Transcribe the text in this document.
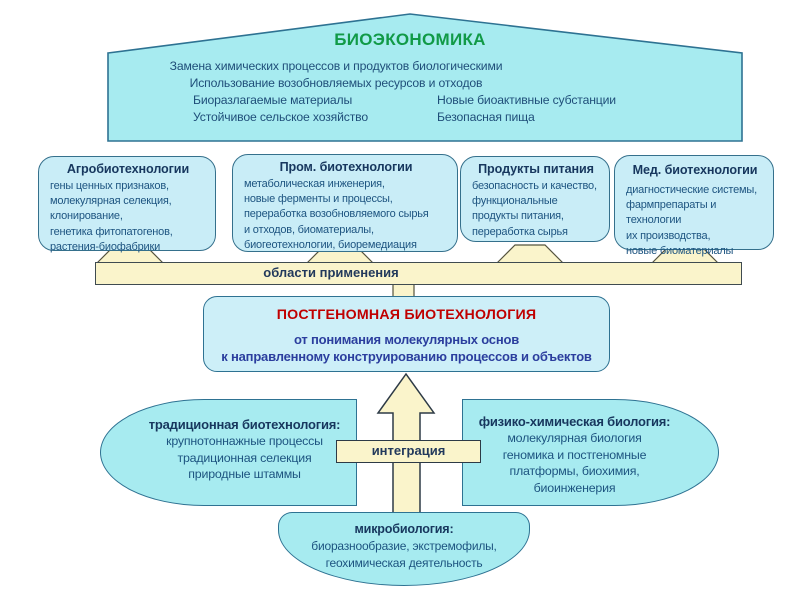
БИОЭКОНОМИКА
Замена химических процессов и продуктов биологическими
Использование возобновляемых ресурсов и отходов
Биоразлагаемые материалы
Устойчивое сельское хозяйство
Новые биоактивные субстанции
Безопасная пища
Агробиотехнологии
гены ценных признаков,
молекулярная селекция,
клонирование,
генетика фитопатогенов,
растения-биофабрики
Пром. биотехнологии
метаболическая инженерия,
новые ферменты и процессы,
переработка возобновляемого сырья
и отходов, биоматериалы,
биогеотехнологии, биоремедиация
Продукты питания
безопасность и качество,
функциональные
продукты питания,
переработка сырья
Мед. биотехнологии
диагностические системы,
фармпрепараты и технологии
их производства,
новые биоматериалы
области применения
ПОСТГЕНОМНАЯ БИОТЕХНОЛОГИЯ
от понимания молекулярных основ
к направленному конструированию процессов и объектов
традиционная биотехнология:
крупнотоннажные процессы
традиционная селекция
природные штаммы
физико-химическая биология:
молекулярная биология
геномика и постгеномные
платформы, биохимия,
биоинженерия
микробиология:
биоразнообразие, экстремофилы,
геохимическая деятельность
интеграция
